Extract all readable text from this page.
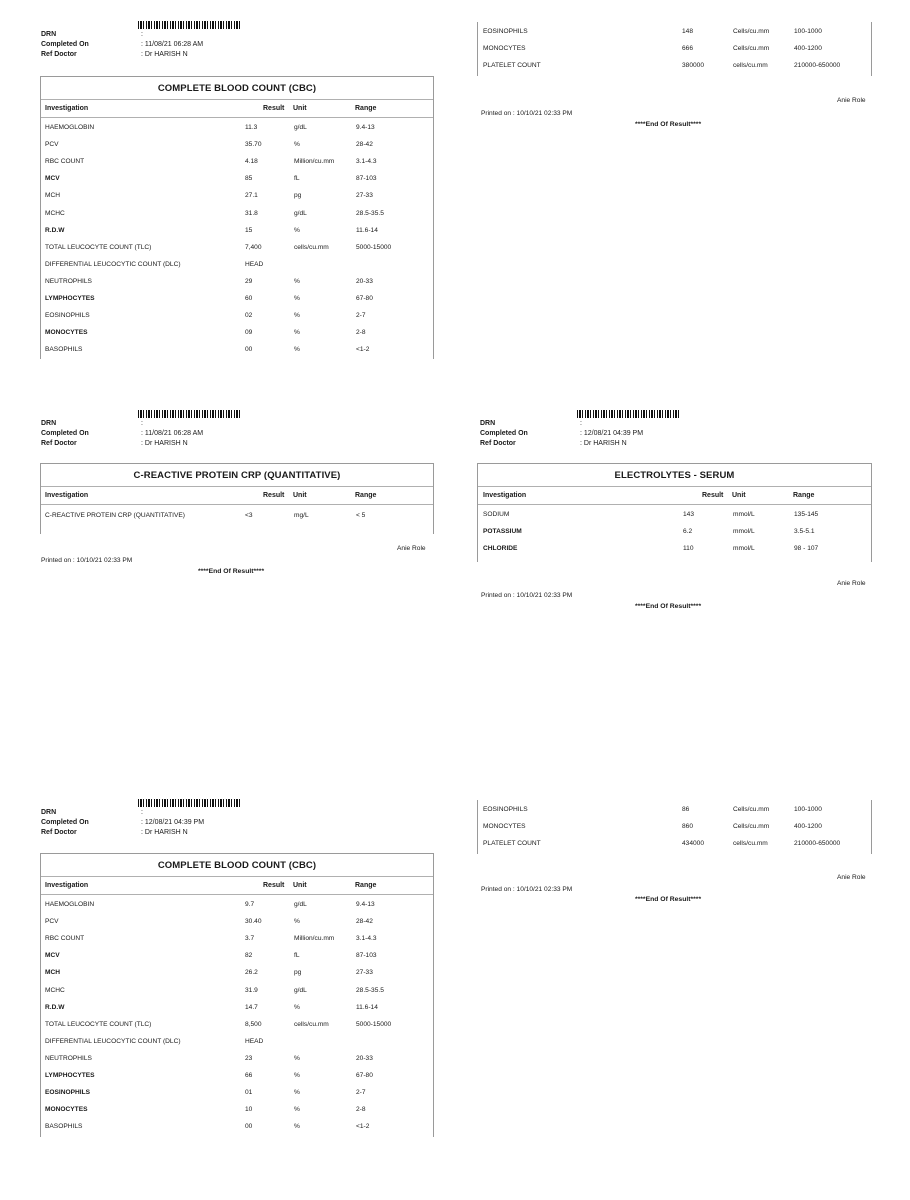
DRN	:
Completed On	: 11/08/21 06:28 AM
Ref Doctor	: Dr HARISH N
COMPLETE BLOOD COUNT (CBC)
Investigation	Result Unit	Range
HAEMOGLOBIN	11.3	g/dL	9.4-13
PCV	35.70	%	28-42
RBC COUNT	4.18	Million/cu.mm	3.1-4.3
MCV	85	fL	87-103
MCH	27.1	pg	27-33
MCHC	31.8	g/dL	28.5-35.5
R.D.W	15	%	11.6-14
TOTAL LEUCOCYTE COUNT (TLC)	7,400	cells/cu.mm	5000-15000
DIFFERENTIAL LEUCOCYTIC COUNT (DLC)	HEAD
NEUTROPHILS	29	%	20-33
LYMPHOCYTES	60	%	67-80
EOSINOPHILS	02	%	2-7
MONOCYTES	09	%	2-8
BASOPHILS	00	%	<1-2
EOSINOPHILS	148	Cells/cu.mm	100-1000
MONOCYTES	666	Cells/cu.mm	400-1200
PLATELET COUNT	380000	cells/cu.mm	210000-650000
Anie Role
Printed on : 10/10/21 02:33 PM
****End Of Result****
DRN	:
Completed On	: 11/08/21 06:28 AM
Ref Doctor	: Dr HARISH N
C-REACTIVE PROTEIN CRP (QUANTITATIVE)
Investigation	Result Unit	Range
C-REACTIVE PROTEIN CRP (QUANTITATIVE)	<3	mg/L	< 5
Anie Role
Printed on : 10/10/21 02:33 PM
****End Of Result****
DRN	:
Completed On	: 12/08/21 04:39 PM
Ref Doctor	: Dr HARISH N
ELECTROLYTES - SERUM
Investigation	Result Unit	Range
SODIUM	143	mmol/L	135-145
POTASSIUM	6.2	mmol/L	3.5-5.1
CHLORIDE	110	mmol/L	98 - 107
Anie Role
Printed on : 10/10/21 02:33 PM
****End Of Result****
DRN	:
Completed On	: 12/08/21 04:39 PM
Ref Doctor	: Dr HARISH N
COMPLETE BLOOD COUNT (CBC)
Investigation	Result Unit	Range
HAEMOGLOBIN	9.7	g/dL	9.4-13
PCV	30.40	%	28-42
RBC COUNT	3.7	Million/cu.mm	3.1-4.3
MCV	82	fL	87-103
MCH	26.2	pg	27-33
MCHC	31.9	g/dL	28.5-35.5
R.D.W	14.7	%	11.6-14
TOTAL LEUCOCYTE COUNT (TLC)	8,500	cells/cu.mm	5000-15000
DIFFERENTIAL LEUCOCYTIC COUNT (DLC)	HEAD
NEUTROPHILS	23	%	20-33
LYMPHOCYTES	66	%	67-80
EOSINOPHILS	01	%	2-7
MONOCYTES	10	%	2-8
BASOPHILS	00	%	<1-2
EOSINOPHILS	86	Cells/cu.mm	100-1000
MONOCYTES	860	Cells/cu.mm	400-1200
PLATELET COUNT	434000	cells/cu.mm	210000-650000
Anie Role
Printed on : 10/10/21 02:33 PM
****End Of Result****
